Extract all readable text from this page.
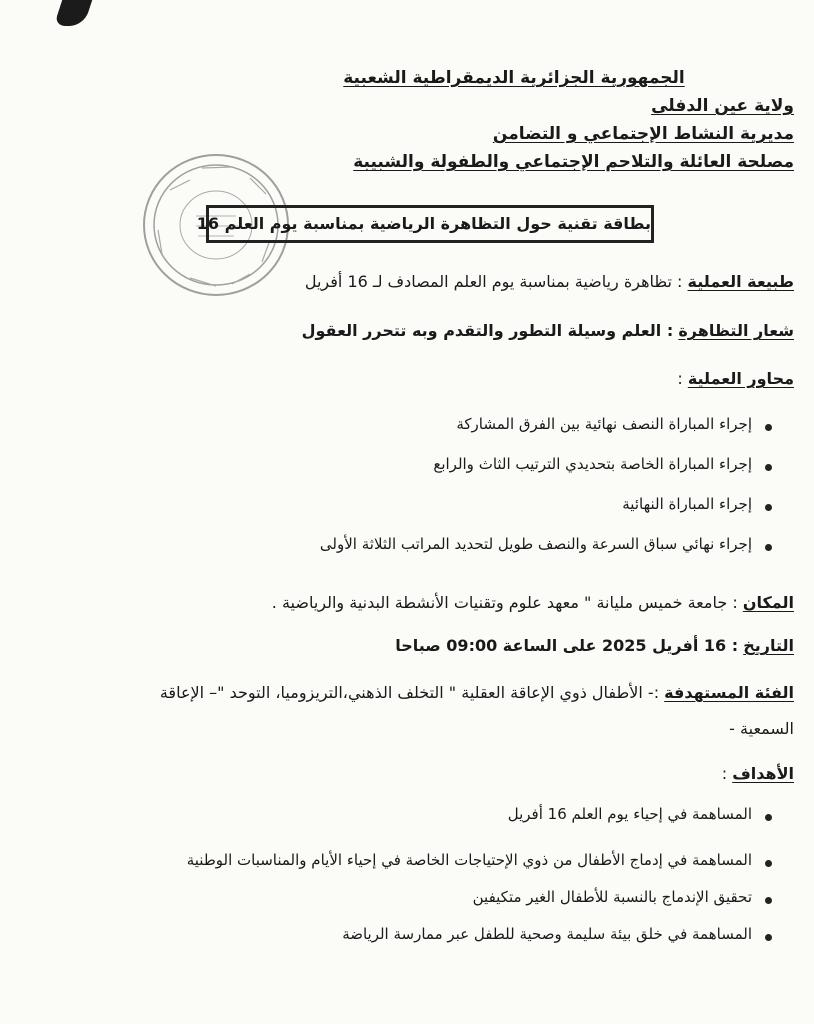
الجمهورية الجزائرية الديمقراطية الشعبية
ولاية عين الدفلى
مديرية النشاط الإجتماعي و التضامن
مصلحة العائلة والتلاحم الإجتماعي والطفولة والشبيبة
بطاقة تقنية حول التظاهرة الرياضية بمناسبة يوم العلم 16
طبيعة العملية : تظاهرة رياضية بمناسبة يوم العلم المصادف لـ 16 أفريل
شعار التظاهرة : العلم وسيلة التطور والتقدم وبه تتحرر العقول
محاور العملية :
إجراء المباراة النصف نهائية بين الفرق المشاركة
إجراء المباراة الخاصة بتحديدي الترتيب الثاث والرابع
إجراء المباراة النهائية
إجراء نهائي سباق السرعة والنصف طويل لتحديد المراتب الثلاثة الأولى
المكان : جامعة خميس مليانة " معهد علوم وتقنيات الأنشطة البدنية والرياضية .
التاريخ : 16 أفريل 2025 على الساعة 09:00 صباحا
الفئة المستهدفة :- الأطفال ذوي الإعاقة العقلية " التخلف الذهني،التريزوميا، التوحد "– الإعاقة
السمعية -
الأهداف :
المساهمة في إحياء يوم العلم 16 أفريل
المساهمة في إدماج الأطفال من ذوي الإحتياجات الخاصة في إحياء الأيام والمناسبات الوطنية
تحقيق الإندماج بالنسبة للأطفال الغير متكيفين
المساهمة في خلق بيئة سليمة وصحية للطفل عبر ممارسة الرياضة
